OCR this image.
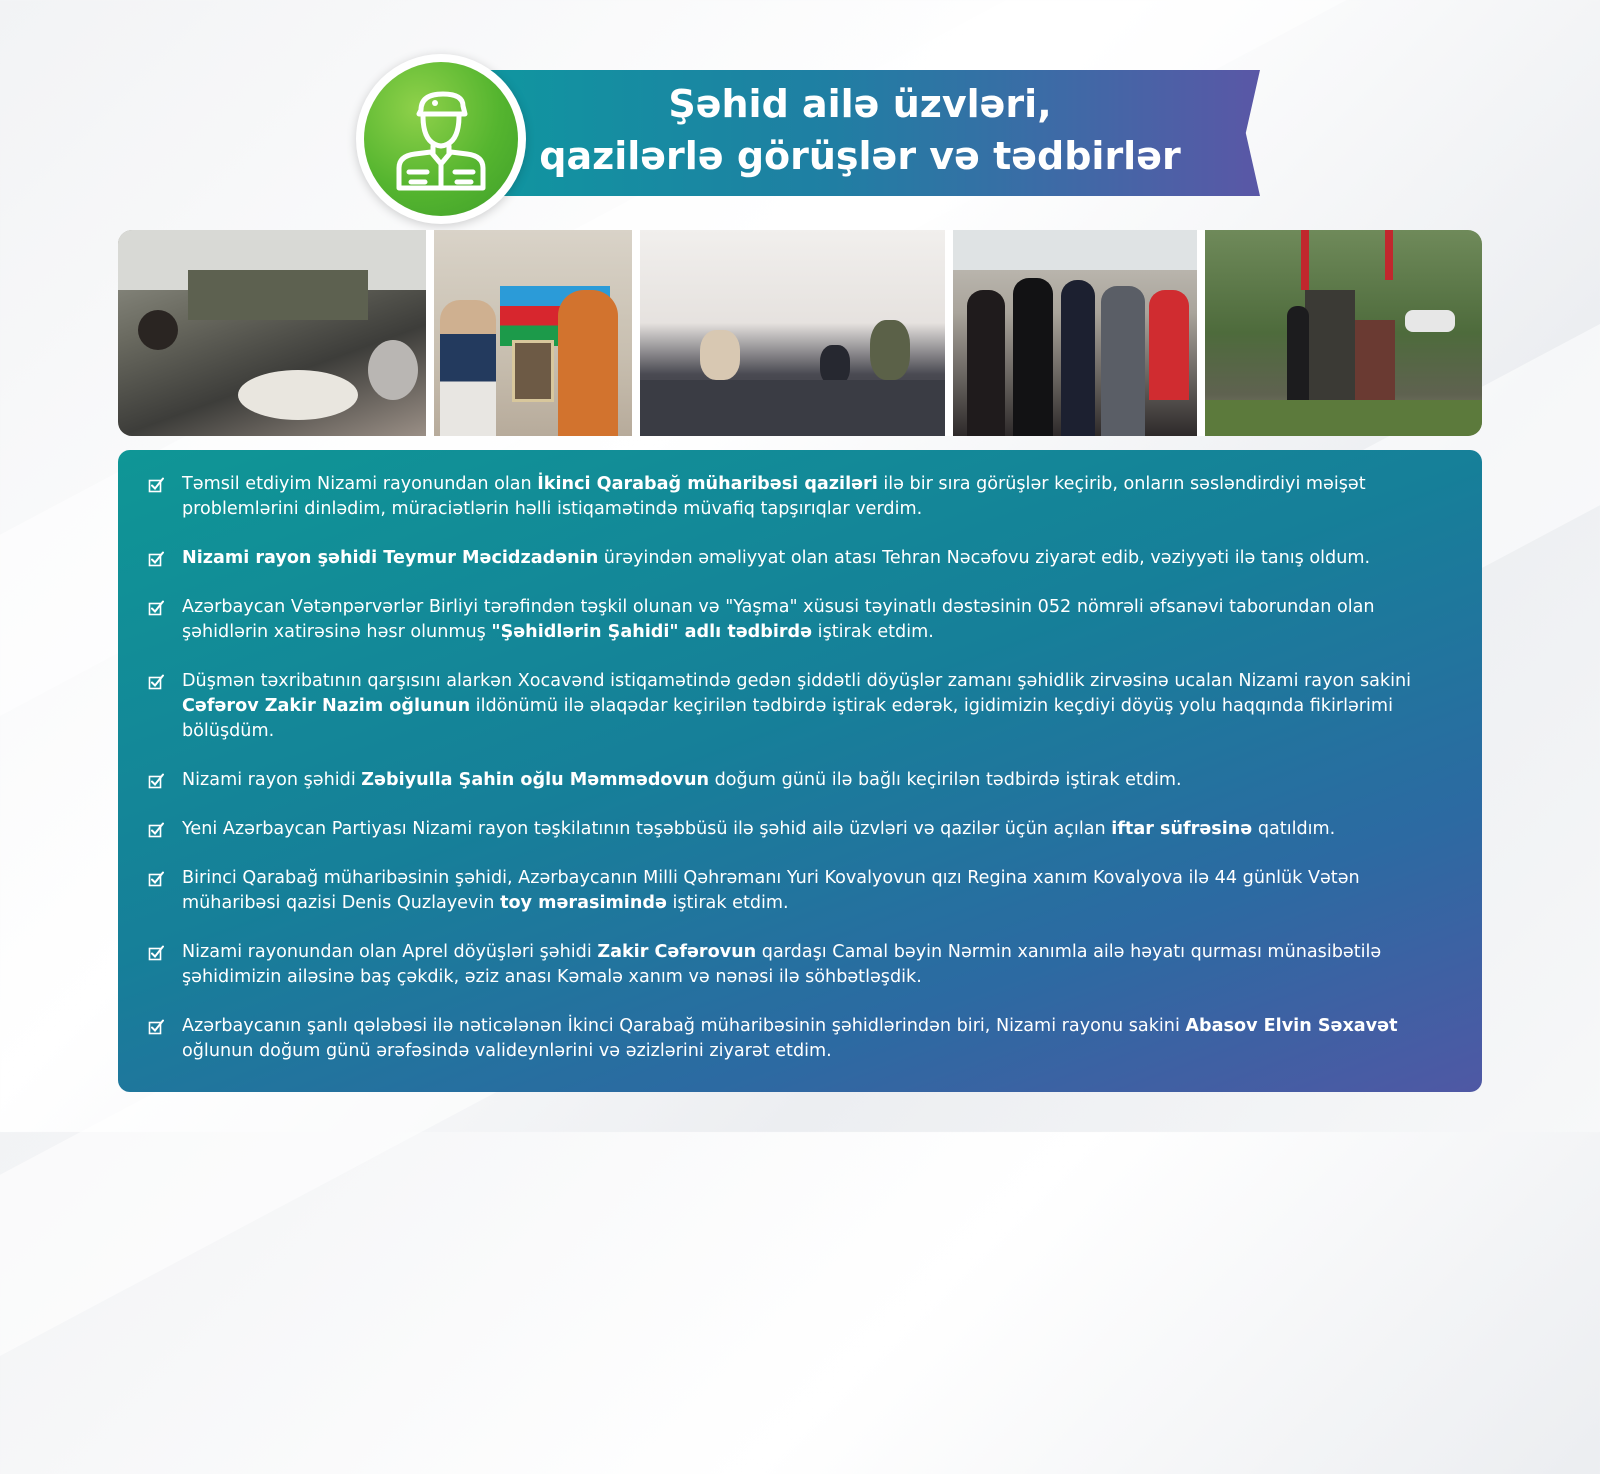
Şəhid ailə üzvləri,
qazilərlə görüşlər və tədbirlər

Təmsil etdiyim Nizami rayonundan olan İkinci Qarabağ müharibəsi qaziləri ilə bir sıra görüşlər keçirib, onların səsləndirdiyi məişət problemlərini dinlədim, müraciətlərin həlli istiqamətində müvafiq tapşırıqlar verdim.

Nizami rayon şəhidi Teymur Məcidzadənin ürəyindən əməliyyat olan atası Tehran Nəcəfovu ziyarət edib, vəziyyəti ilə tanış oldum.

Azərbaycan Vətənpərvərlər Birliyi tərəfindən təşkil olunan və "Yaşma" xüsusi təyinatlı dəstəsinin 052 nömrəli əfsanəvi taborundan olan şəhidlərin xatirəsinə həsr olunmuş "Şəhidlərin Şahidi" adlı tədbirdə iştirak etdim.

Düşmən təxribatının qarşısını alarkən Xocavənd istiqamətində gedən şiddətli döyüşlər zamanı şəhidlik zirvəsinə ucalan Nizami rayon sakini Cəfərov Zakir Nazim oğlunun ildönümü ilə əlaqədar keçirilən tədbirdə iştirak edərək, igidimizin keçdiyi döyüş yolu haqqında fikirlərimi bölüşdüm.

Nizami rayon şəhidi Zəbiyulla Şahin oğlu Məmmədovun doğum günü ilə bağlı keçirilən tədbirdə iştirak etdim.

Yeni Azərbaycan Partiyası Nizami rayon təşkilatının təşəbbüsü ilə şəhid ailə üzvləri və qazilər üçün açılan iftar süfrəsinə qatıldım.

Birinci Qarabağ müharibəsinin şəhidi, Azərbaycanın Milli Qəhrəmanı Yuri Kovalyovun qızı Regina xanım Kovalyova ilə 44 günlük Vətən müharibəsi qazisi Denis Quzlayevin toy mərasimində iştirak etdim.

Nizami rayonundan olan Aprel döyüşləri şəhidi Zakir Cəfərovun qardaşı Camal bəyin Nərmin xanımla ailə həyatı qurması münasibətilə şəhidimizin ailəsinə baş çəkdik, əziz anası Kəmalə xanım və nənəsi ilə söhbətləşdik.

Azərbaycanın şanlı qələbəsi ilə nəticələnən İkinci Qarabağ müharibəsinin şəhidlərindən biri, Nizami rayonu sakini Abasov Elvin Səxavət oğlunun doğum günü ərəfəsində valideynlərini və əzizlərini ziyarət etdim.
